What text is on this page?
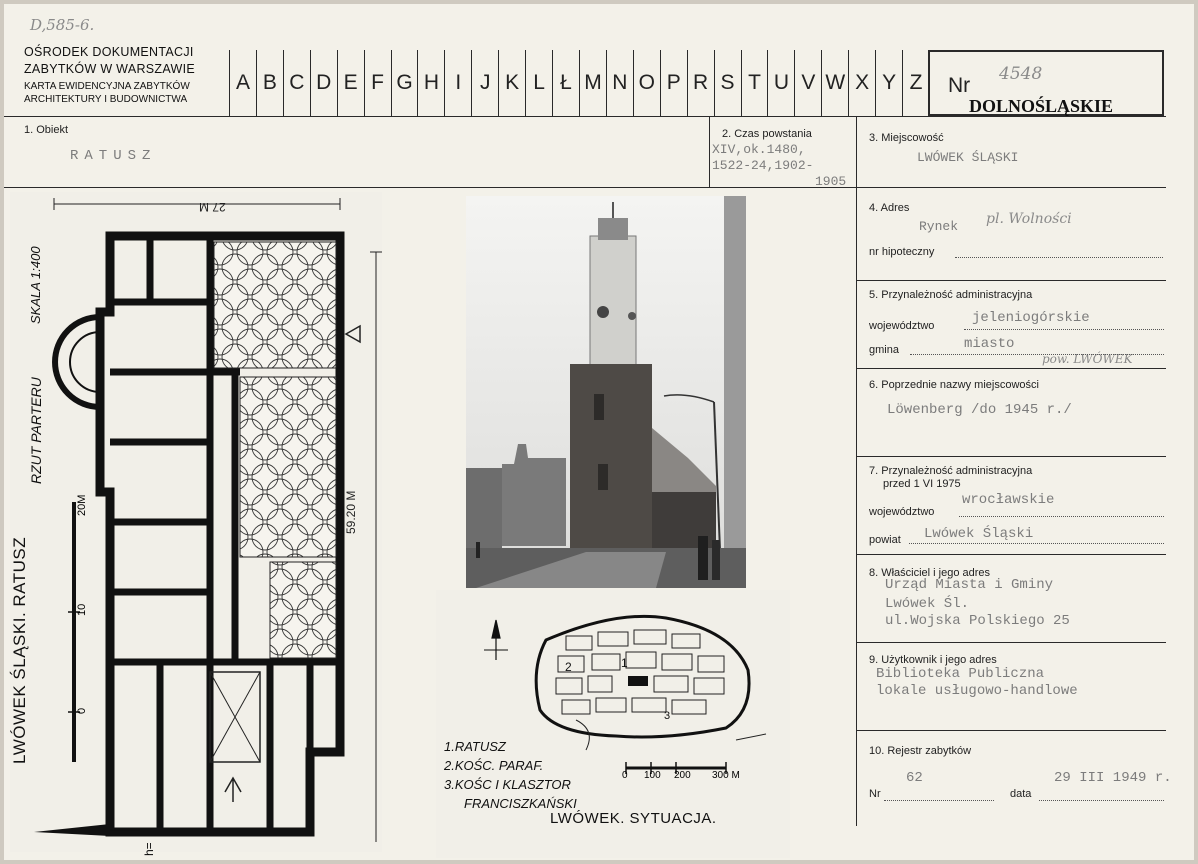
D,585-6.
OŚRODEK DOKUMENTACJI
ZABYTKÓW W WARSZAWIE
KARTA EWIDENCYJNA ZABYTKÓW
ARCHITEKTURY I BUDOWNICTWA
A B C D E F G H I J K L Ł M N O P R S T U V W X Y Z	Nr 4548
DOLNOŚLĄSKIE
1. Obiekt
RATUSZ
2. Czas powstania
XIV,ok.1480,
1522-24,1902-
1905
3. Miejscowość
LWÓWEK ŚLĄSKI
4. Adres
Rynek pl. Wolności
nr hipoteczny
5. Przynależność administracyjna
województwo	jeleniogórskie
gmina	miasto
pow. LWÓWEK
6. Poprzednie nazwy miejscowości
Löwenberg /do 1945 r./
7. Przynależność administracyjna
przed 1 VI 1975
województwo
wrocławskie
powiat Lwówek Śląski
8. Właściciel i jego adres
Urząd Miasta i Gminy
Lwówek Śl.
ul.Wojska Polskiego 25
9. Użytkownik i jego adres
Biblioteka Publiczna
lokale usługowo-handlowe
10. Rejestr zabytków
62	29 III 1949 r.
Nr	data
27 M
59.20 M
LWÓWEK ŚLĄSKI. RATUSZ
RZUT PARTERU
SKALA 1:400
20M
10
0
h=
1
2
3
1.RATUSZ
2.KOŚC. PARAF.
3.KOŚC I KLASZTOR
FRANCISZKAŃSKI
0 100 200 300 M
LWÓWEK. SYTUACJA.
